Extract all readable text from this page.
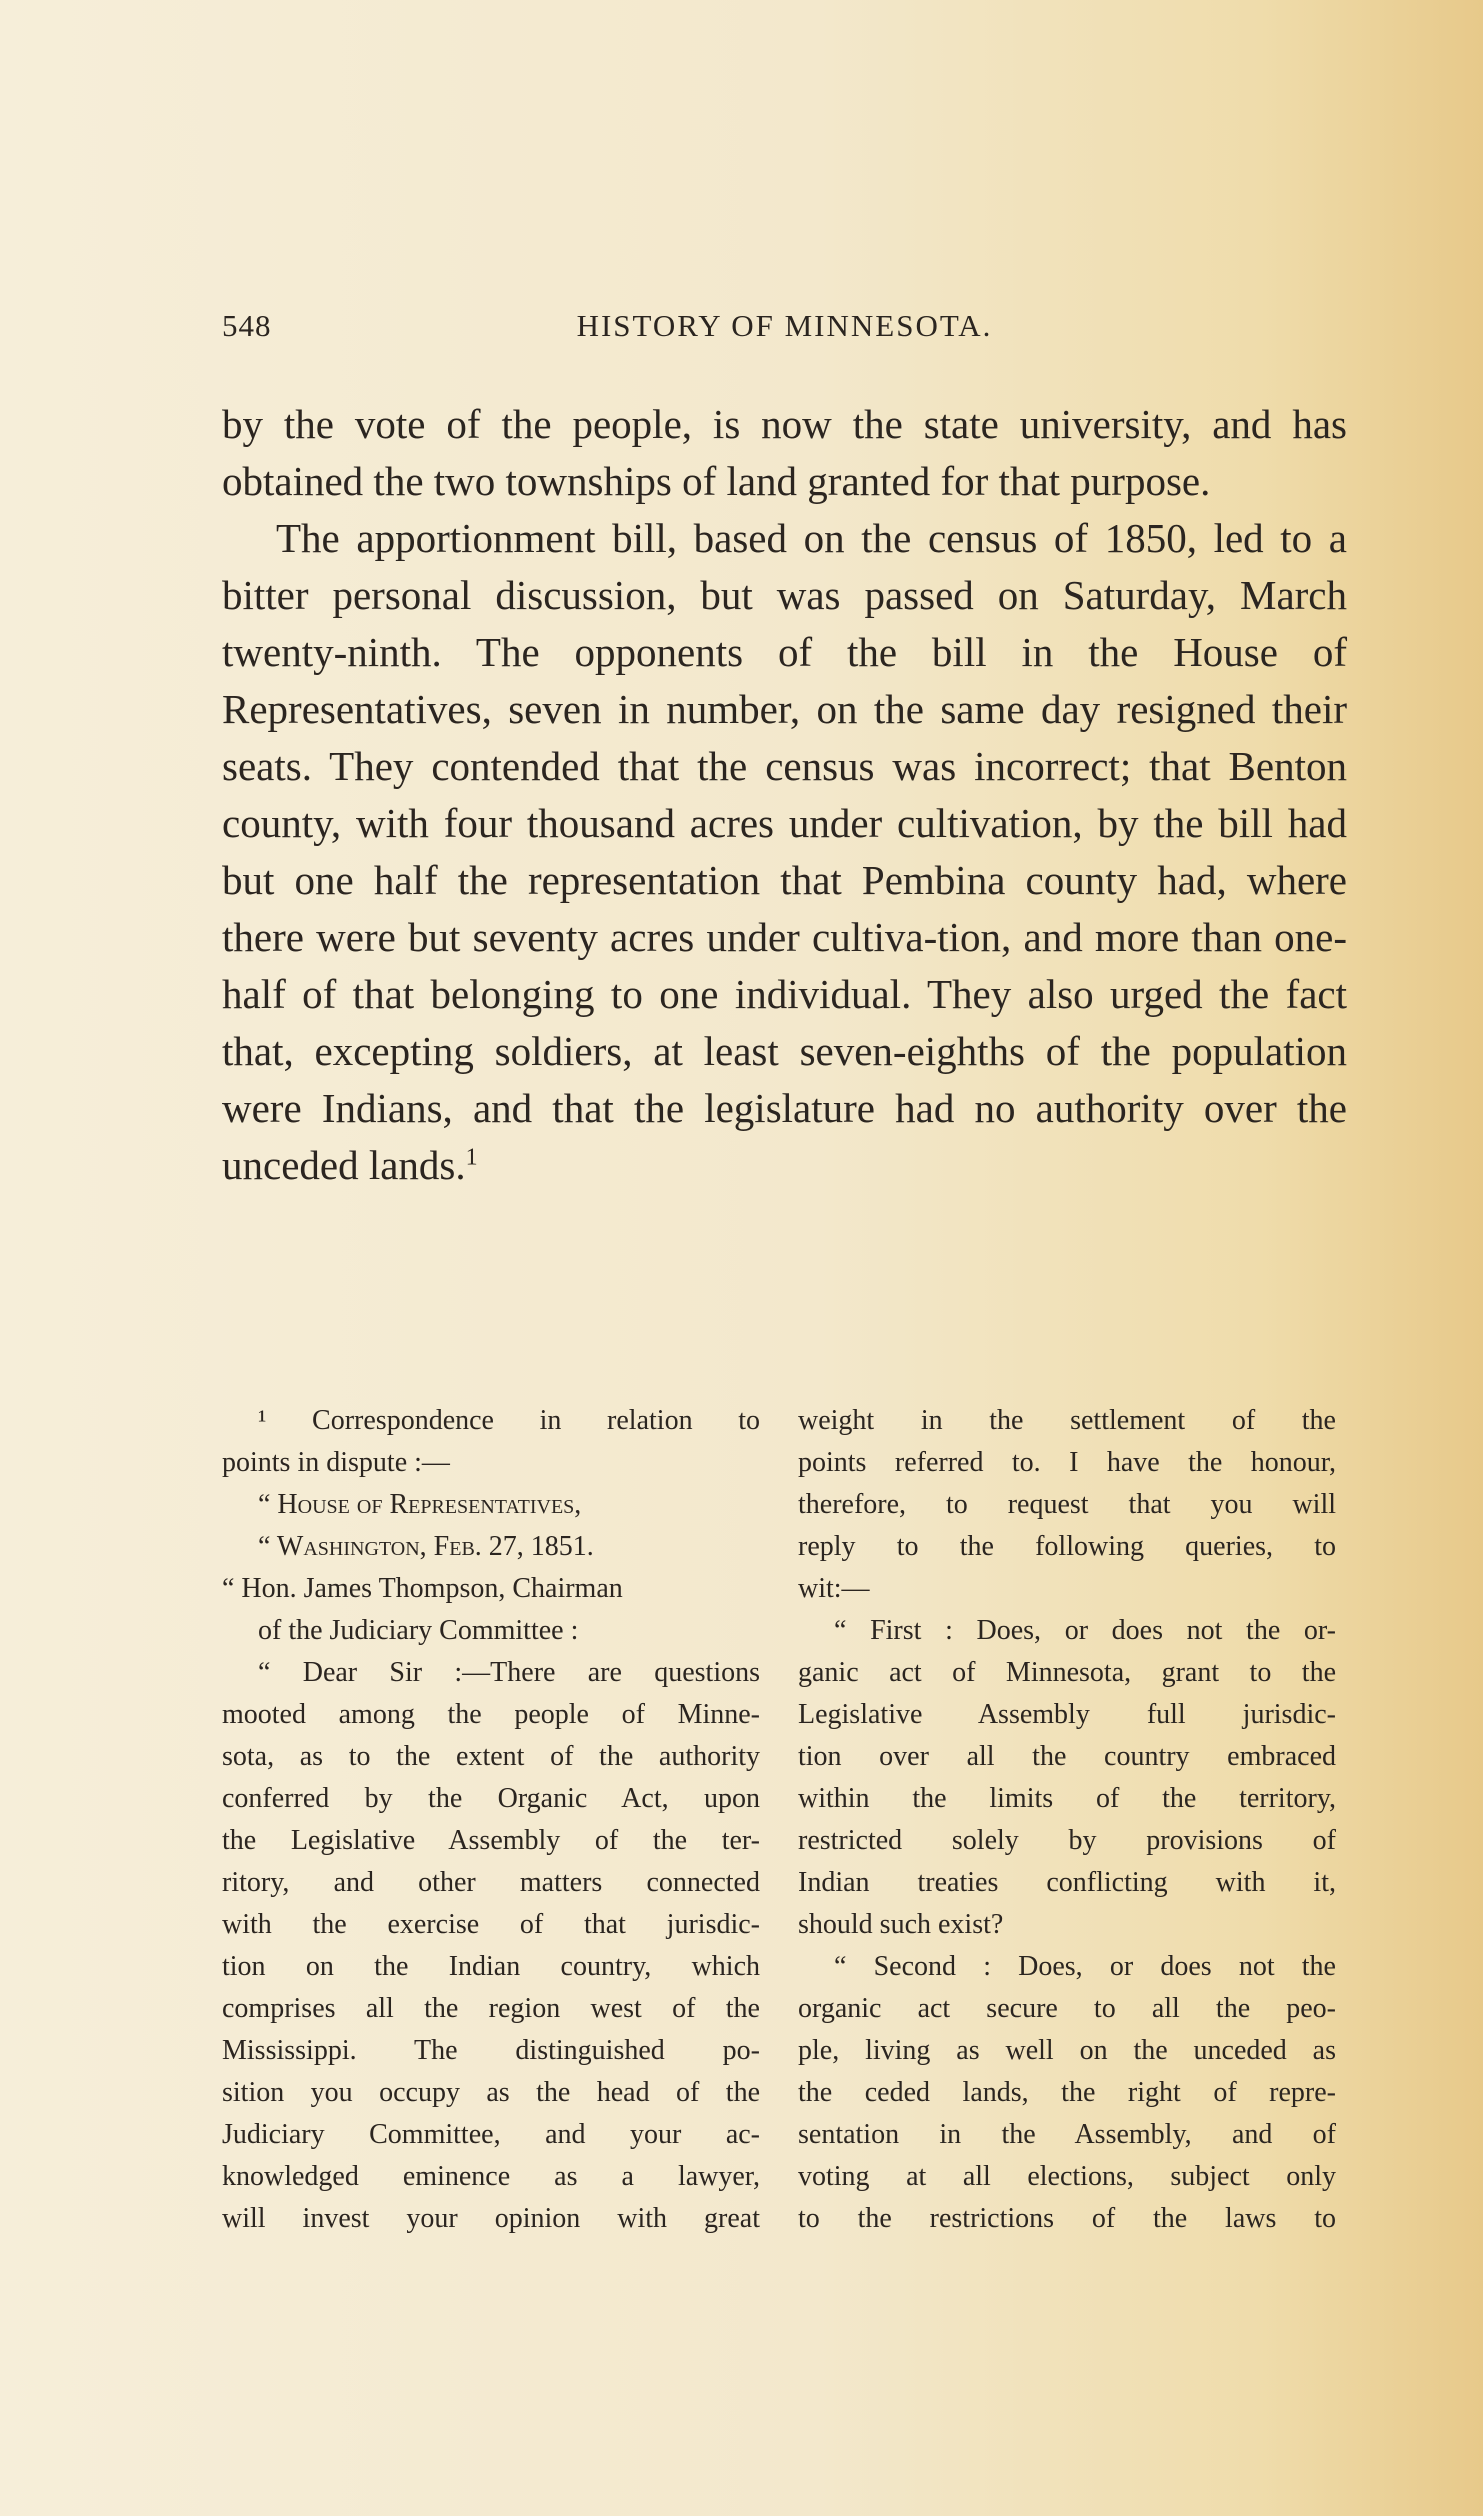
548	HISTORY OF MINNESOTA.

by the vote of the people, is now the state university, and has obtained the two townships of land granted for that purpose.

The apportionment bill, based on the census of 1850, led to a bitter personal discussion, but was passed on Saturday, March twenty-ninth. The opponents of the bill in the House of Representatives, seven in number, on the same day resigned their seats. They contended that the census was incorrect; that Benton county, with four thousand acres under cultivation, by the bill had but one half the representation that Pembina county had, where there were but seventy acres under cultiva-tion, and more than one-half of that belonging to one individual. They also urged the fact that, excepting soldiers, at least seven-eighths of the population were Indians, and that the legislature had no authority over the unceded lands.$^1$

¹ Correspondence in relation to
points in dispute :—
“ House of Representatives,
“ Washington, Feb. 27, 1851.
“ Hon. James Thompson, Chairman
of the Judiciary Committee :
“ Dear Sir :—There are questions
mooted among the people of Minne-
sota, as to the extent of the authority
conferred by the Organic Act, upon
the Legislative Assembly of the ter-
ritory, and other matters connected
with the exercise of that jurisdic-
tion on the Indian country, which
comprises all the region west of the
Mississippi. The distinguished po-
sition you occupy as the head of the
Judiciary Committee, and your ac-
knowledged eminence as a lawyer,
will invest your opinion with great
weight in the settlement of the
points referred to. I have the honour,
therefore, to request that you will
reply to the following queries, to
wit:—
“ First : Does, or does not the or-
ganic act of Minnesota, grant to the
Legislative Assembly full jurisdic-
tion over all the country embraced
within the limits of the territory,
restricted solely by provisions of
Indian treaties conflicting with it,
should such exist?
“ Second : Does, or does not the
organic act secure to all the peo-
ple, living as well on the unceded as
the ceded lands, the right of repre-
sentation in the Assembly, and of
voting at all elections, subject only
to the restrictions of the laws to
